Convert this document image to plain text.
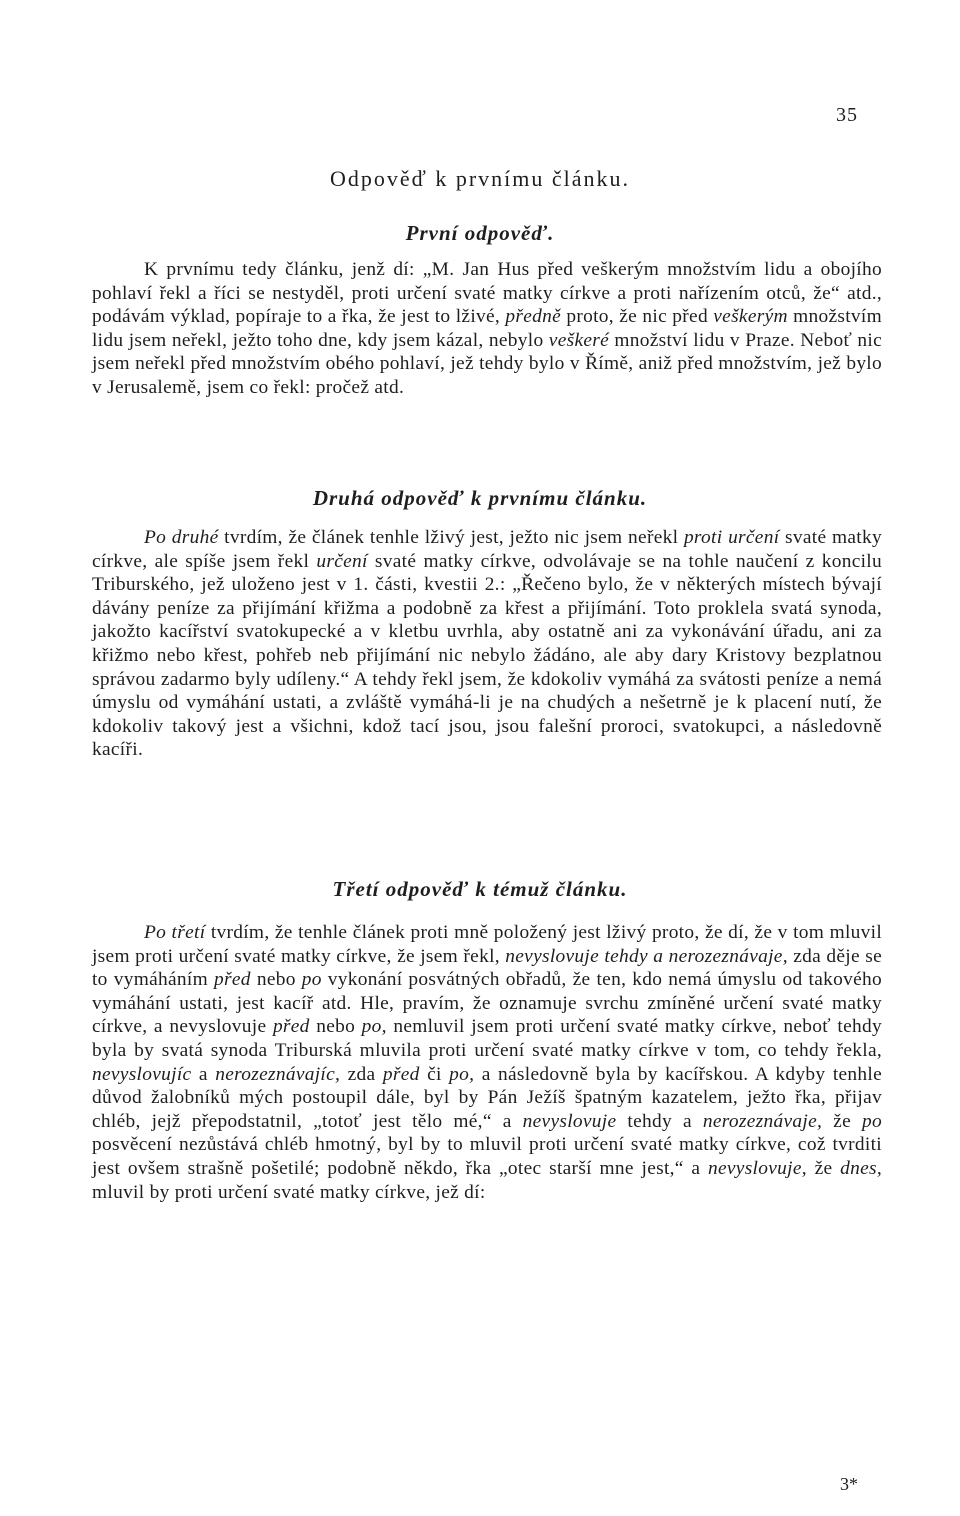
35
Odpověď k prvnímu článku.
První odpověď.

K prvnímu tedy článku, jenž dí: „M. Jan Hus před veškerým množstvím lidu a obojího pohlaví řekl a říci se nestyděl, proti určení svaté matky církve a proti nařízením otců, že“ atd., podávám výklad, popíraje to a řka, že jest to lživé, předně proto, že nic před veškerým množstvím lidu jsem neřekl, ježto toho dne, kdy jsem kázal, nebylo veškeré množství lidu v Praze. Neboť nic jsem neřekl před množstvím obého pohlaví, jež tehdy bylo v Římě, aniž před množstvím, jež bylo v Jerusalemě, jsem co řekl: pročež atd.

Druhá odpověď k prvnímu článku.

Po druhé tvrdím, že článek tenhle lživý jest, ježto nic jsem neřekl proti určení svaté matky církve, ale spíše jsem řekl určení svaté matky církve, odvolávaje se na tohle naučení z koncilu Triburského, jež uloženo jest v 1. části, kvestii 2.: „Řečeno bylo, že v některých místech bývají dávány peníze za přijímání křižma a podobně za křest a přijímání. Toto proklela svatá synoda, jakožto kacířství svatokupecké a v kletbu uvrhla, aby ostatně ani za vykonávání úřadu, ani za křižmo nebo křest, pohřeb neb přijímání nic nebylo žádáno, ale aby dary Kristovy bezplatnou správou zadarmo byly udíleny.“ A tehdy řekl jsem, že kdokoliv vymáhá za svátosti peníze a nemá úmyslu od vymáhání ustati, a zvláště vymáhá-li je na chudých a nešetrně je k placení nutí, že kdokoliv takový jest a všichni, kdož tací jsou, jsou falešní proroci, svatokupci, a následovně kacíři.

Třetí odpověď k témuž článku.

Po třetí tvrdím, že tenhle článek proti mně položený jest lživý proto, že dí, že v tom mluvil jsem proti určení svaté matky církve, že jsem řekl, nevyslovuje tehdy a nerozeznávaje, zda děje se to vymáháním před nebo po vykonání posvátných obřadů, že ten, kdo nemá úmyslu od takového vymáhání ustati, jest kacíř atd. Hle, pravím, že oznamuje svrchu zmíněné určení svaté matky církve, a nevyslovuje před nebo po, nemluvil jsem proti určení svaté matky církve, neboť tehdy byla by svatá synoda Triburská mluvila proti určení svaté matky církve v tom, co tehdy řekla, nevyslovujíc a nerozeznávajíc, zda před či po, a následovně byla by kacířskou. A kdyby tenhle důvod žalobníků mých postoupil dále, byl by Pán Ježíš špatným kazatelem, ježto řka, přijav chléb, jejž přepodstatnil, „totoť jest tělo mé,“ a nevyslovuje tehdy a nerozeznávaje, že po posvěcení nezůstává chléb hmotný, byl by to mluvil proti určení svaté matky církve, což tvrditi jest ovšem strašně pošetilé; podobně někdo, řka „otec starší mne jest,“ a nevyslovuje, že dnes, mluvil by proti určení svaté matky církve, jež dí:

3*
